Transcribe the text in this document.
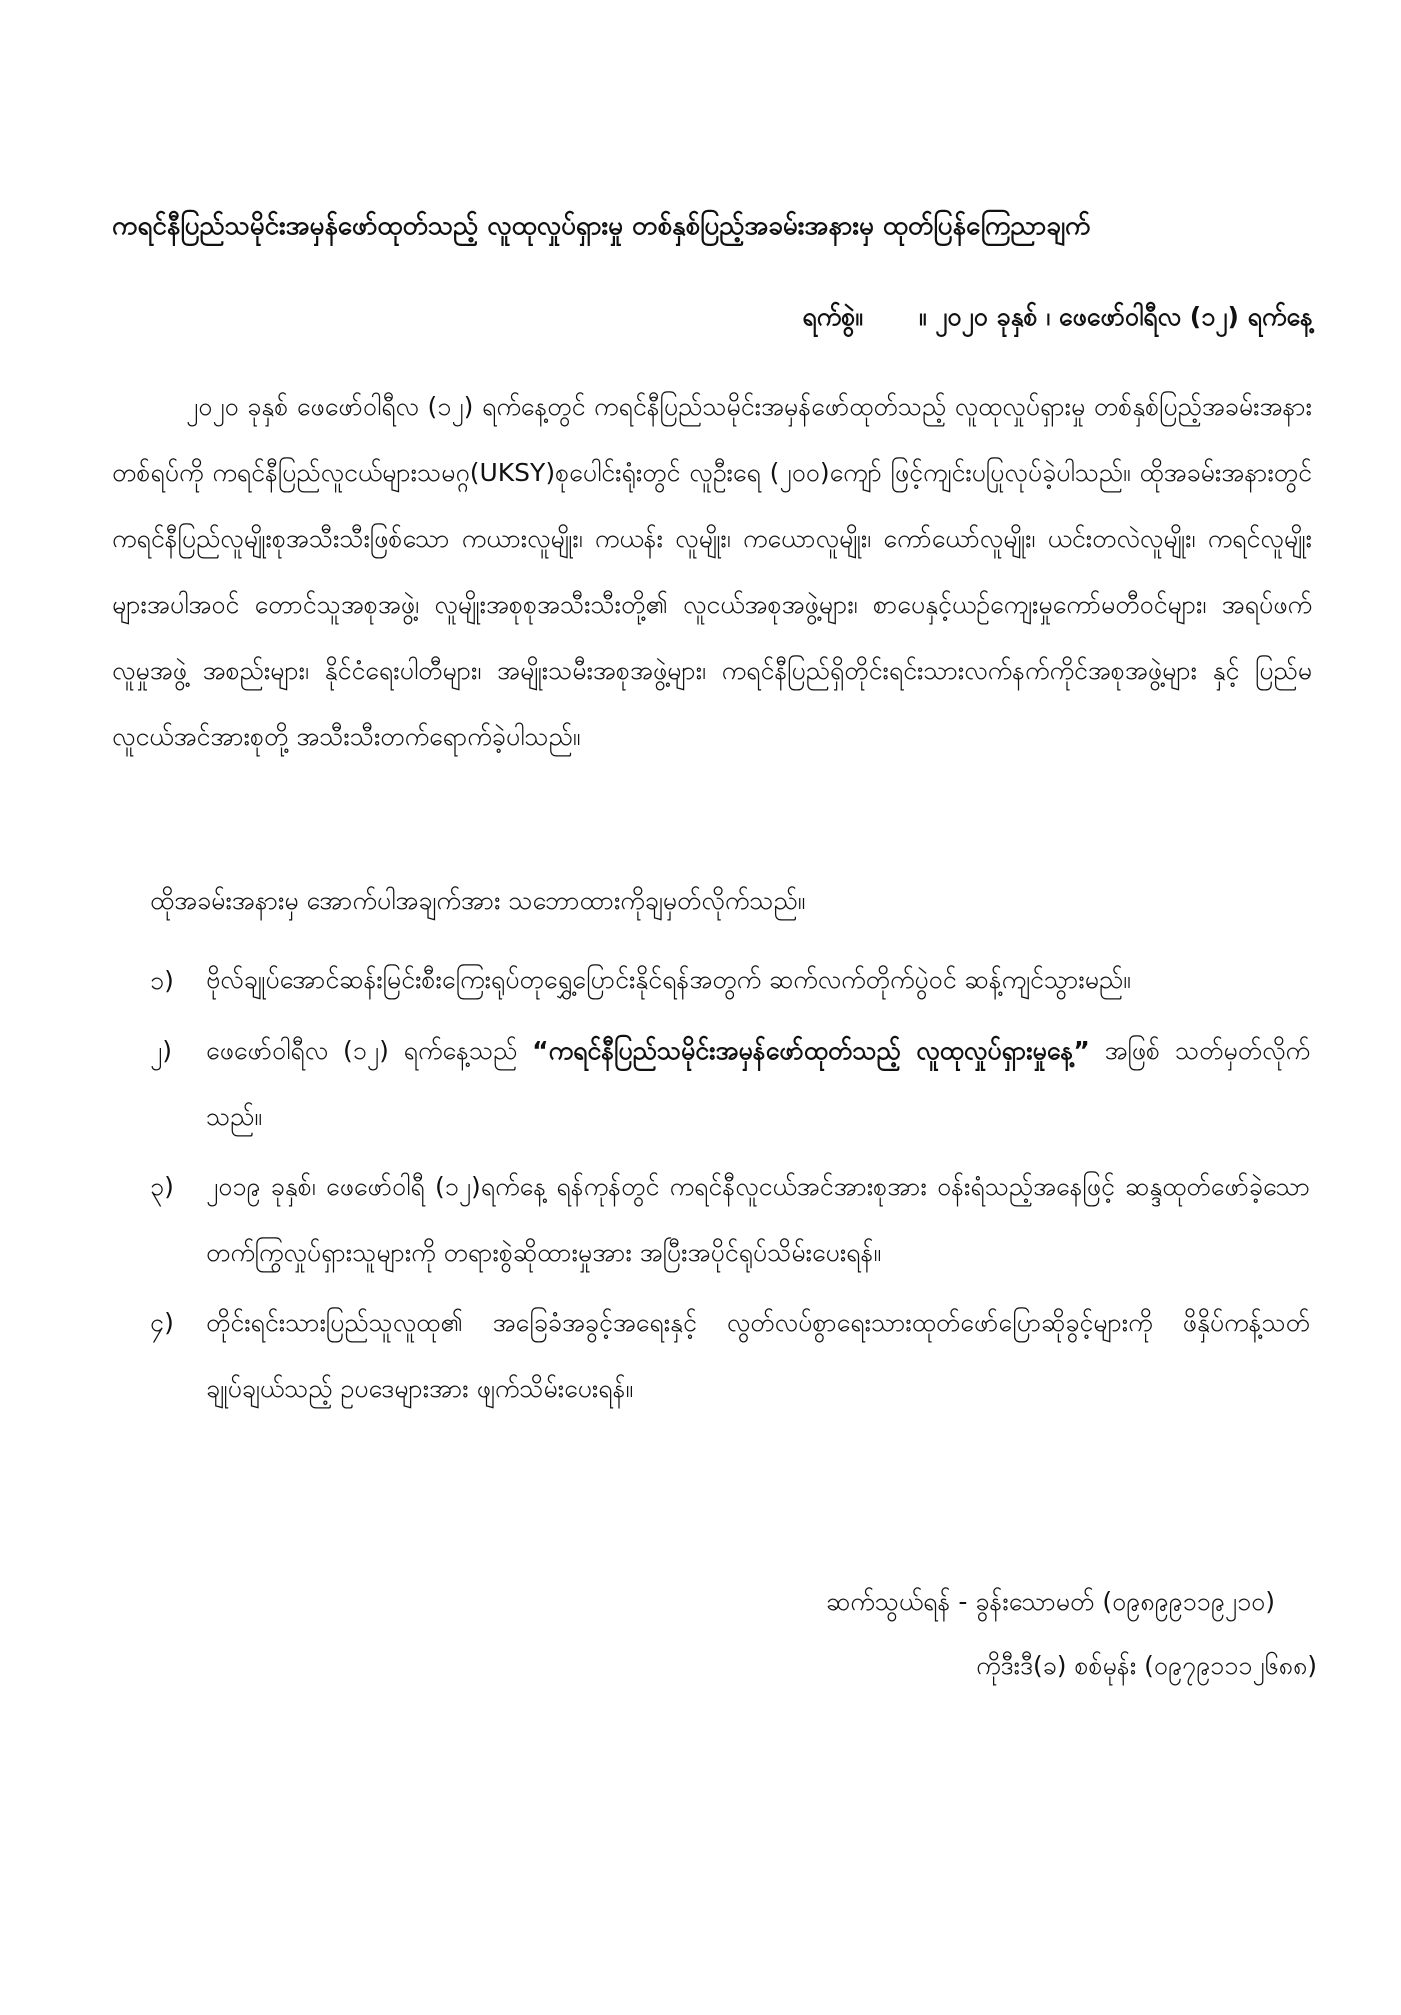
ကရင်နီပြည်သမိုင်းအမှန်ဖော်ထုတ်သည့် လူထုလှုပ်ရှားမှု တစ်နှစ်ပြည့်အခမ်းအနားမှ ထုတ်ပြန်ကြေညာချက်
ရက်စွဲ။ ။ ၂၀၂၀ ခုနှစ် ၊ ဖေဖော်ဝါရီလ (၁၂) ရက်နေ့
၂၀၂၀ ခုနှစ် ဖေဖော်ဝါရီလ (၁၂) ရက်နေ့တွင် ကရင်နီပြည်သမိုင်းအမှန်ဖော်ထုတ်သည့် လူထုလှုပ်ရှားမှု တစ်နှစ်ပြည့်အခမ်းအနားတစ်ရပ်ကို ကရင်နီပြည်လူငယ်များသမဂ္ဂ(UKSY)စုပေါင်းရုံးတွင် လူဦးရေ (၂၀၀)ကျော် ဖြင့်ကျင်းပပြုလုပ်ခဲ့ပါသည်။ ထိုအခမ်းအနားတွင် ကရင်နီပြည်လူမျိုးစုအသီးသီးဖြစ်သော ကယားလူမျိုး၊ ကယန်း လူမျိုး၊ ကယောလူမျိုး၊ ကော်ယော်လူမျိုး၊ ယင်းတလဲလူမျိုး၊ ကရင်လူမျိုး များအပါအဝင် တောင်သူအစုအဖွဲ့၊ လူမျိုးအစုစုအသီးသီးတို့၏ လူငယ်အစုအဖွဲ့များ၊ စာပေနှင့်ယဉ်ကျေးမှုကော်မတီဝင်များ၊ အရပ်ဖက်လူမှုအဖွဲ့ အစည်းများ၊ နိုင်ငံရေးပါတီများ၊ အမျိုးသမီးအစုအဖွဲ့များ၊ ကရင်နီပြည်ရှိတိုင်းရင်းသားလက်နက်ကိုင်အစုအဖွဲ့များ နှင့် ပြည်မလူငယ်အင်အားစုတို့ အသီးသီးတက်ရောက်ခဲ့ပါသည်။
ထိုအခမ်းအနားမှ အောက်ပါအချက်အား သဘောထားကိုချမှတ်လိုက်သည်။
၁)	ဗိုလ်ချုပ်အောင်ဆန်းမြင်းစီးကြေးရုပ်တုရွှေ့ပြောင်းနိုင်ရန်အတွက် ဆက်လက်တိုက်ပွဲဝင် ဆန့်ကျင်သွားမည်။
၂)	ဖေဖော်ဝါရီလ (၁၂) ရက်နေ့သည် “ကရင်နီပြည်သမိုင်းအမှန်ဖော်ထုတ်သည့် လူထုလှုပ်ရှားမှုနေ့” အဖြစ် သတ်မှတ်လိုက်သည်။
၃)	၂၀၁၉ ခုနှစ်၊ ဖေဖော်ဝါရီ (၁၂)ရက်နေ့ ရန်ကုန်တွင် ကရင်နီလူငယ်အင်အားစုအား ဝန်းရံသည့်အနေဖြင့် ဆန္ဒထုတ်ဖော်ခဲ့သော တက်ကြွလှုပ်ရှားသူများကို တရားစွဲဆိုထားမှုအား အပြီးအပိုင်ရုပ်သိမ်းပေးရန်။
၄)	တိုင်းရင်းသားပြည်သူလူထု၏ အခြေခံအခွင့်အရေးနှင့် လွတ်လပ်စွာရေးသားထုတ်ဖော်ပြောဆိုခွင့်များကို ဖိနှိပ်ကန့်သတ် ချုပ်ချယ်သည့် ဥပဒေများအား ဖျက်သိမ်းပေးရန်။
ဆက်သွယ်ရန် - ခွန်းသောမတ် (၀၉၈၉၉၁၁၉၂၁၀)
ကိုဒီးဒီ(ခ) စစ်မုန်း (၀၉၇၉၁၁၁၂၆၈၈)
